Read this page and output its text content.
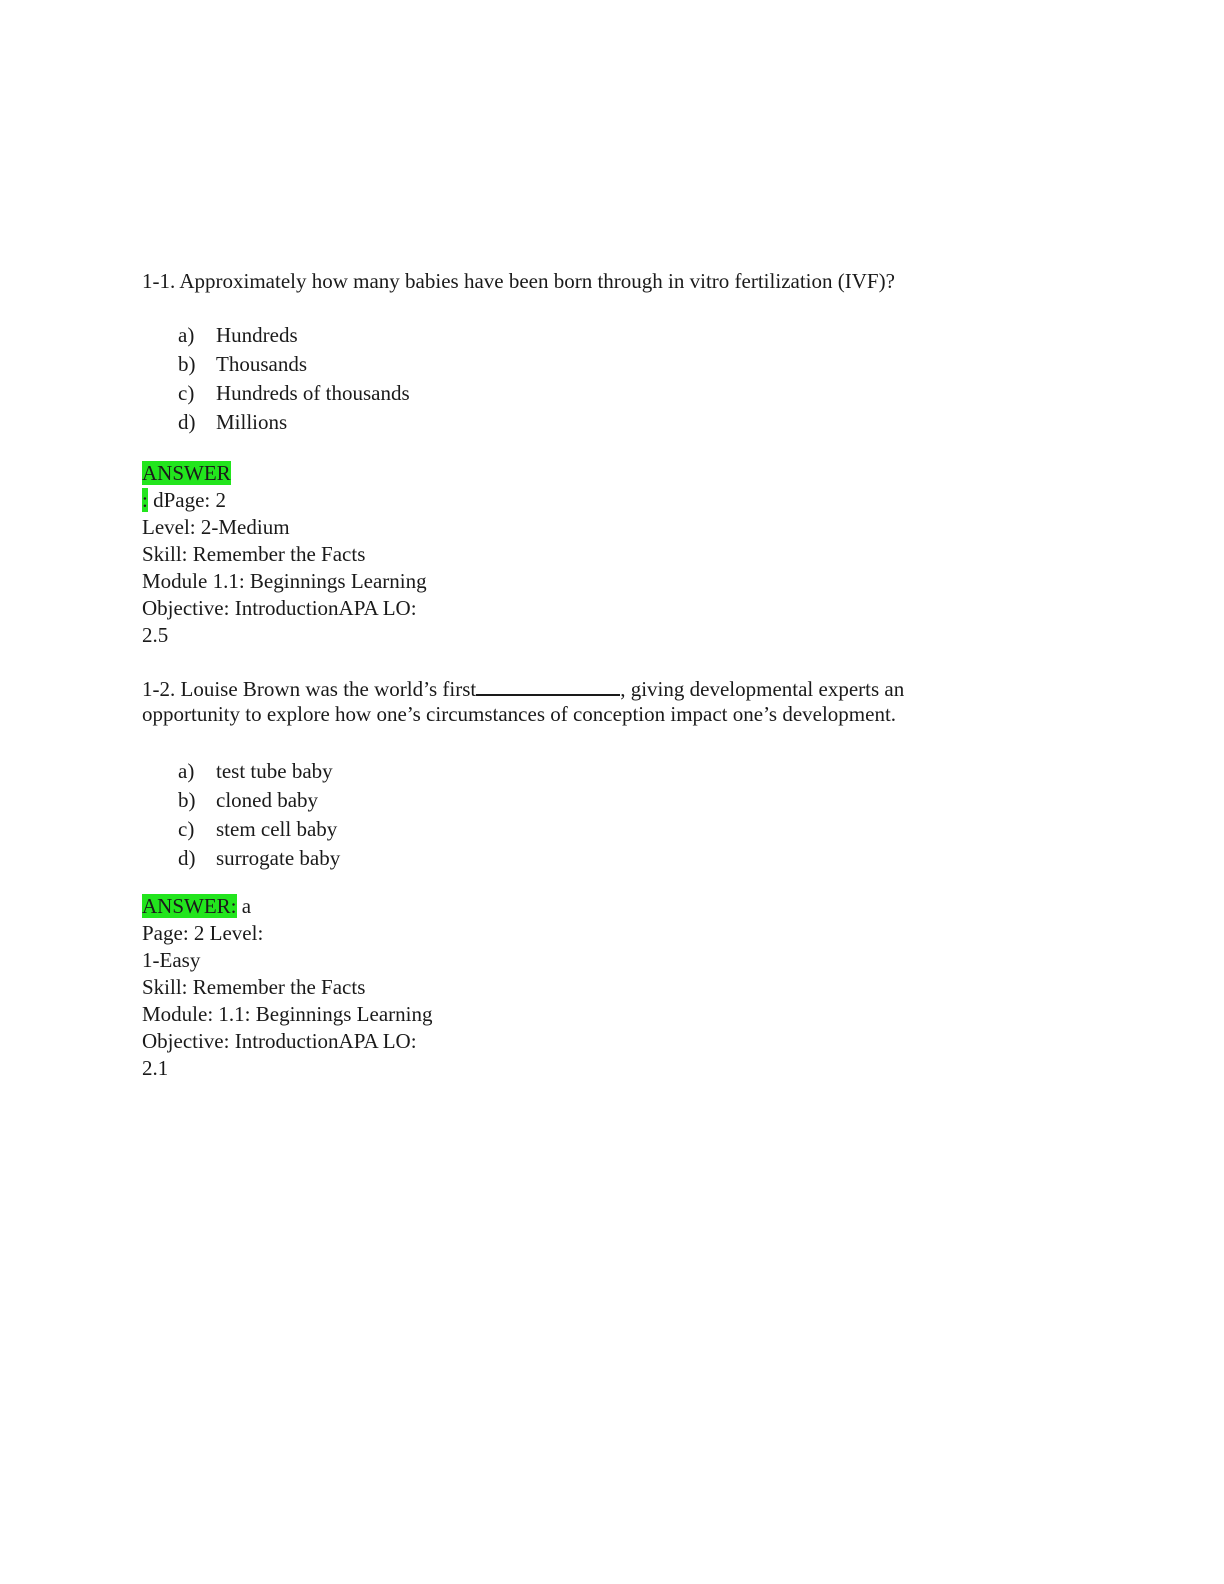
1-1. Approximately how many babies have been born through in vitro fertilization (IVF)?
a) Hundreds
b) Thousands
c) Hundreds of thousands
d) Millions
ANSWER
: dPage: 2
Level: 2-Medium
Skill: Remember the Facts
Module 1.1: Beginnings Learning
Objective: IntroductionAPA LO:
2.5
1-2. Louise Brown was the world’s first	, giving developmental experts an
opportunity to explore how one’s circumstances of conception impact one’s development.
a) test tube baby
b) cloned baby
c) stem cell baby
d) surrogate baby
ANSWER: a
Page: 2 Level:
1-Easy
Skill: Remember the Facts
Module: 1.1: Beginnings Learning
Objective: IntroductionAPA LO:
2.1
